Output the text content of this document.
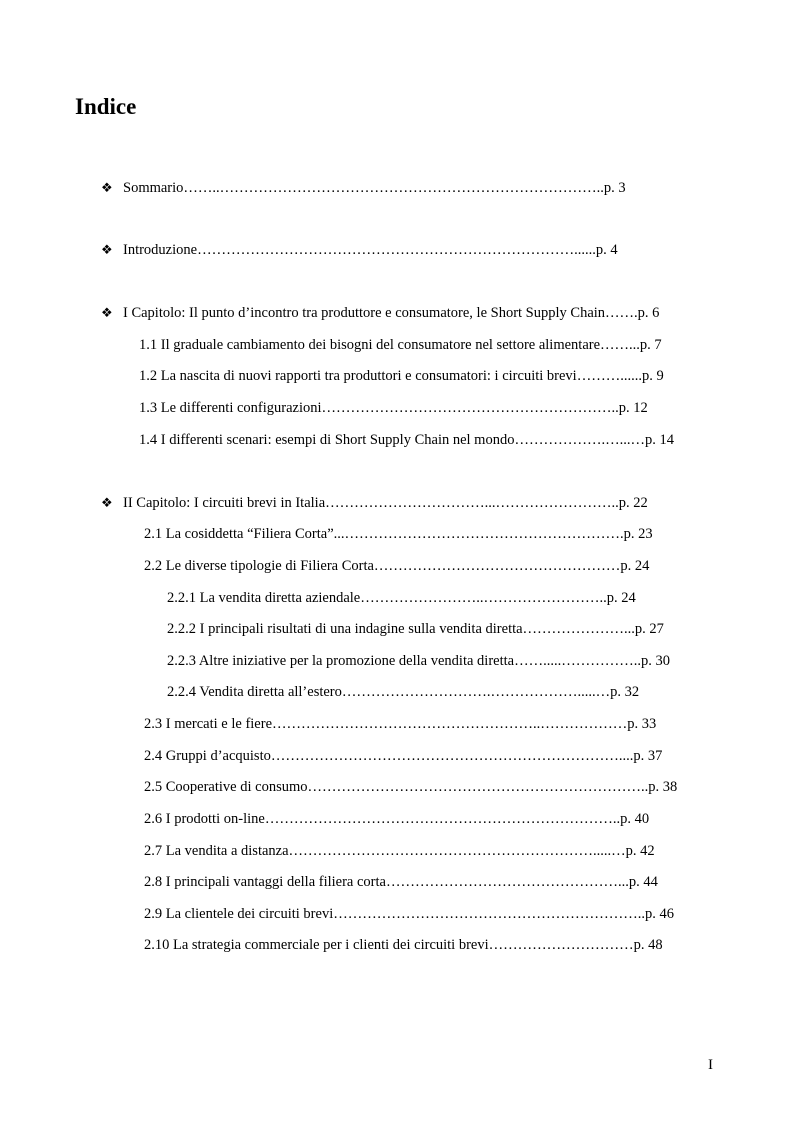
Indice
❖ Sommario……..……………………………………………………………………..p. 3
❖ Introduzione……………………………………………………………………......p. 4
❖ I Capitolo: Il punto d’incontro tra produttore e consumatore, le Short Supply Chain…….p. 6
1.1 Il graduale cambiamento dei bisogni del consumatore nel settore alimentare……...p. 7
1.2 La nascita di nuovi rapporti tra produttori e consumatori: i circuiti brevi………......p. 9
1.3 Le differenti configurazioni……………………………………………………..p. 12
1.4 I differenti scenari: esempi di Short Supply Chain nel mondo……………….…...…p. 14
❖ II Capitolo: I circuiti brevi in Italia……………………………...……………………..p. 22
2.1 La cosiddetta “Filiera Corta”...………………………………………………….p. 23
2.2 Le diverse tipologie di Filiera Corta……………………………………………p. 24
2.2.1 La vendita diretta aziendale……………………..……………………..p. 24
2.2.2 I principali risultati di una indagine sulla vendita diretta…………………...p. 27
2.2.3 Altre iniziative per la promozione della vendita diretta…….....……………..p. 30
2.2.4 Vendita diretta all’estero………………………….……………….....…p. 32
2.3 I mercati e le fiere………………………………………………..………………p. 33
2.4 Gruppi d’acquisto………………………………………………………………....p. 37
2.5 Cooperative di consumo……………………………………………………………..p. 38
2.6 I prodotti on-line………………………………………………………………..p. 40
2.7 La vendita a distanza……………………………………………………….....…p. 42
2.8 I principali vantaggi della filiera corta…………………………………………...p. 44
2.9 La clientele dei circuiti brevi………………………………………………………..p. 46
2.10 La strategia commerciale per i clienti dei circuiti brevi…………………………p. 48
I
